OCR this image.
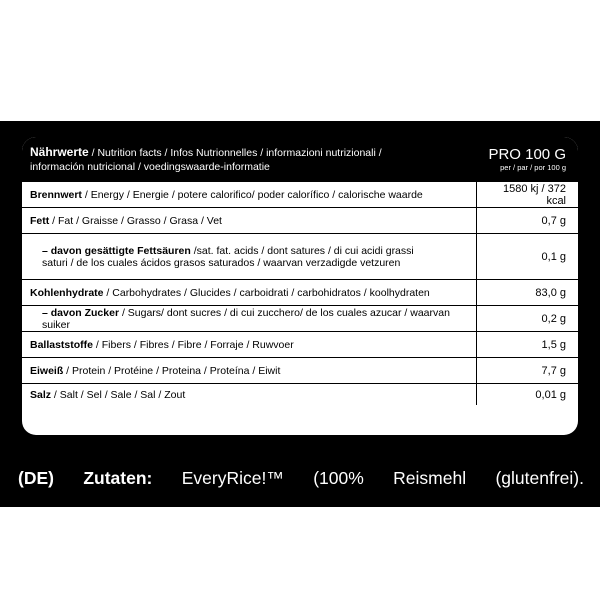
Nährwerte / Nutrition facts / Infos Nutrionnelles / informazioni nutrizionali /
información nutricional / voedingswaarde-informatie	PRO 100 G
per / par / por 100 g

Brennwert / Energy / Energie / potere calorifico/ poder calorífico / calorische waarde	1580 kj / 372 kcal
Fett / Fat / Graisse / Grasso / Grasa / Vet	0,7 g
– davon gesättigte Fettsäuren /sat. fat. acids / dont satures / di cui acidi grassi
saturi / de los cuales ácidos grasos saturados / waarvan verzadigde vetzuren	0,1 g
Kohlenhydrate / Carbohydrates / Glucides / carboidrati / carbohidratos / koolhydraten	83,0 g
– davon Zucker / Sugars/ dont sucres / di cui zucchero/ de los cuales azucar / waarvan suiker	0,2 g
Ballaststoffe / Fibers / Fibres / Fibre / Forraje / Ruwvoer	1,5 g
Eiweiß / Protein / Protéine / Proteina / Proteína / Eiwit	7,7 g
Salz / Salt / Sel / Sale / Sal / Zout	0,01 g
(DE) Zutaten: EveryRice!™ (100% Reismehl (glutenfrei).
